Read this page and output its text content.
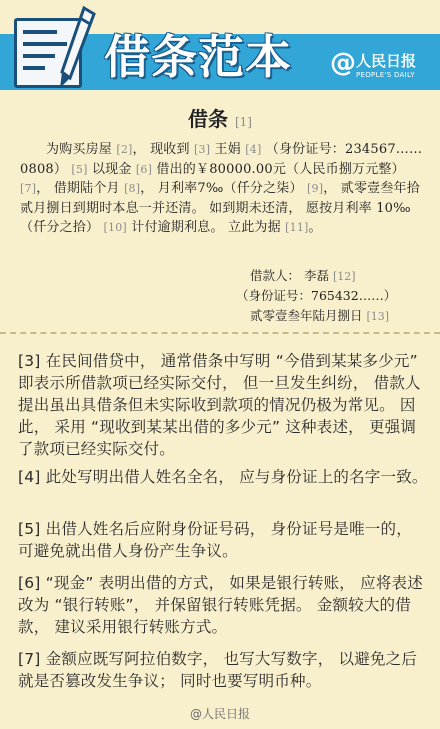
借条范本 @ 人民日报
PEOPLE'S DAILY
借条 [1]
为购买房屋 [2]， 现收到 [3] 王娟 [4] （身份证号：234567……0808） [5] 以现金 [6] 借出的￥80000.00元（人民币捌万元整） [7]， 借期陆个月 [8]， 月利率7‰（仟分之柒） [9]， 贰零壹叁年拾贰月捌日到期时本息一并还清。 如到期未还清， 愿按月利率 10‰（仟分之拾） [10] 计付逾期利息。 立此为据 [11]。
借款人： 李磊 [12]
（身份证号：765432……）
贰零壹叁年陆月捌日 [13]
[3] 在民间借贷中， 通常借条中写明 “今借到某某多少元” 即表示所借款项已经实际交付， 但一旦发生纠纷， 借款人提出虽出具借条但未实际收到款项的情况仍极为常见。 因此， 采用 “现收到某某出借的多少元” 这种表述， 更强调了款项已经实际交付。
[4] 此处写明出借人姓名全名， 应与身份证上的名字一致。
[5] 出借人姓名后应附身份证号码， 身份证号是唯一的， 可避免就出借人身份产生争议。
[6] “现金” 表明出借的方式， 如果是银行转账， 应将表述改为 “银行转账”， 并保留银行转账凭据。 金额较大的借款， 建议采用银行转账方式。
[7] 金额应既写阿拉伯数字， 也写大写数字， 以避免之后就是否篡改发生争议； 同时也要写明币种。
@人民日报
